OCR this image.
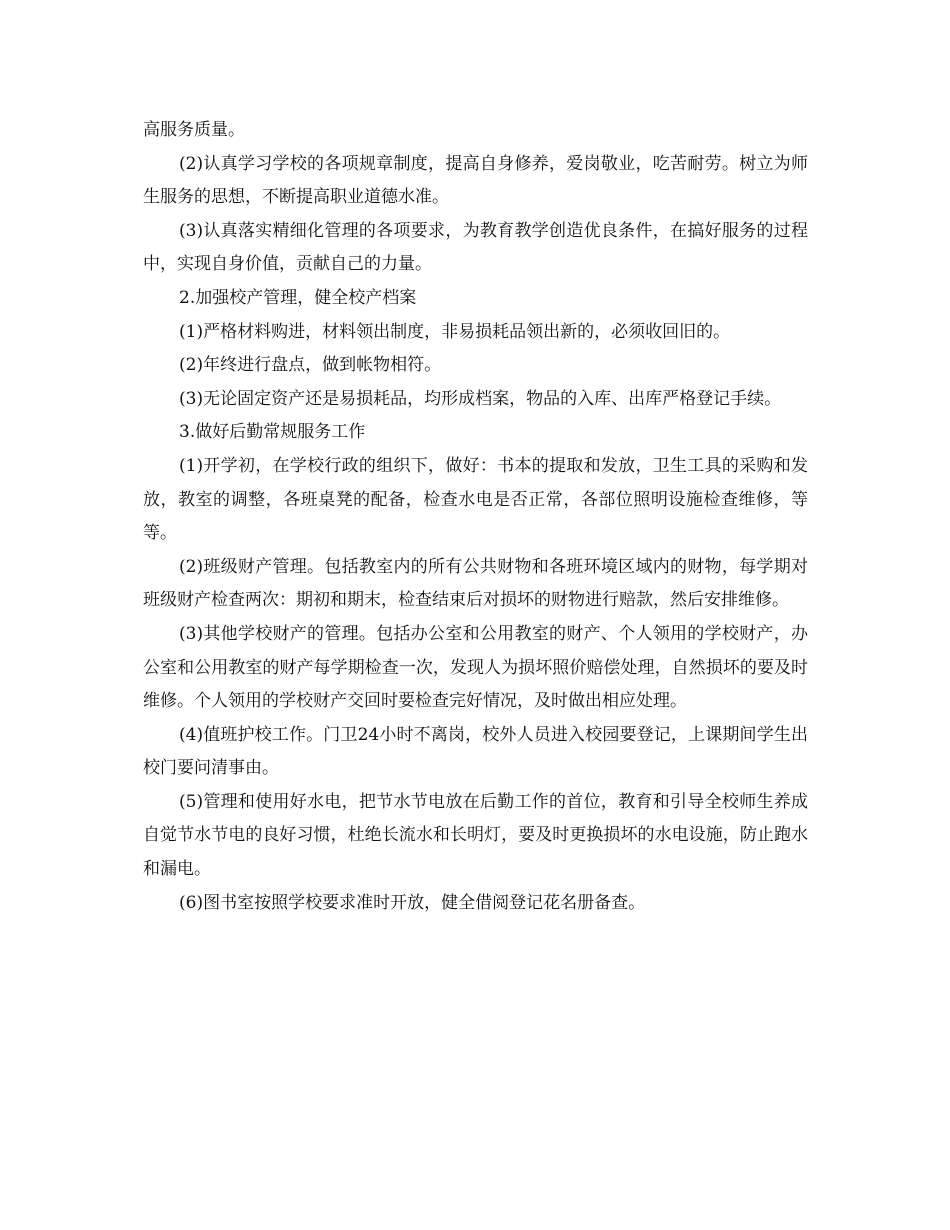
高服务质量。

(2)认真学习学校的各项规章制度，提高自身修养，爱岗敬业，吃苦耐劳。树立为师生服务的思想，不断提高职业道德水准。

(3)认真落实精细化管理的各项要求，为教育教学创造优良条件，在搞好服务的过程中，实现自身价值，贡献自己的力量。

2.加强校产管理，健全校产档案

(1)严格材料购进，材料领出制度，非易损耗品领出新的，必须收回旧的。

(2)年终进行盘点，做到帐物相符。

(3)无论固定资产还是易损耗品，均形成档案，物品的入库、出库严格登记手续。

3.做好后勤常规服务工作

(1)开学初，在学校行政的组织下，做好：书本的提取和发放，卫生工具的采购和发放，教室的调整，各班桌凳的配备，检查水电是否正常，各部位照明设施检查维修，等等。

(2)班级财产管理。包括教室内的所有公共财物和各班环境区域内的财物，每学期对班级财产检查两次：期初和期末，检查结束后对损坏的财物进行赔款，然后安排维修。

(3)其他学校财产的管理。包括办公室和公用教室的财产、个人领用的学校财产，办公室和公用教室的财产每学期检查一次，发现人为损坏照价赔偿处理，自然损坏的要及时维修。个人领用的学校财产交回时要检查完好情况，及时做出相应处理。

(4)值班护校工作。门卫24小时不离岗，校外人员进入校园要登记，上课期间学生出校门要问清事由。

(5)管理和使用好水电，把节水节电放在后勤工作的首位，教育和引导全校师生养成自觉节水节电的良好习惯，杜绝长流水和长明灯，要及时更换损坏的水电设施，防止跑水和漏电。

(6)图书室按照学校要求准时开放，健全借阅登记花名册备查。
